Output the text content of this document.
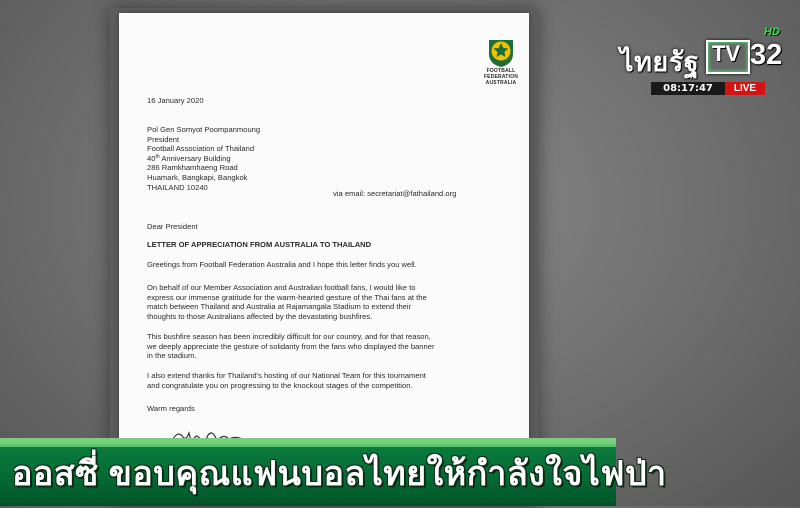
FOOTBALL
FEDERATION
AUSTRALIA
16 January 2020
Pol Gen Somyot Poompanmoung
President
Football Association of Thailand
40th Anniversary Building
286 Ramkhamhaeng Road
Huamark, Bangkapi, Bangkok
THAILAND 10240
via email: secretariat@fathailand.org
Dear President
LETTER OF APPRECIATION FROM AUSTRALIA TO THAILAND
Greetings from Football Federation Australia and I hope this letter finds you well.
On behalf of our Member Association and Australian football fans, I would like to
express our immense gratitude for the warm-hearted gesture of the Thai fans at the
match between Thailand and Australia at Rajamangala Stadium to extend their
thoughts to those Australians affected by the devastating bushfires.
This bushfire season has been incredibly difficult for our country, and for that reason,
we deeply appreciate the gesture of solidarity from the fans who displayed the banner
in the stadium.
I also extend thanks for Thailand's hosting of our National Team for this tournament
and congratulate you on progressing to the knockout stages of the competition.
Warm regards
ไทยรัฐ TV 32
HD
08:17:47	LIVE
ออสซี่ ขอบคุณแฟนบอลไทยให้กำลังใจไฟป่า
